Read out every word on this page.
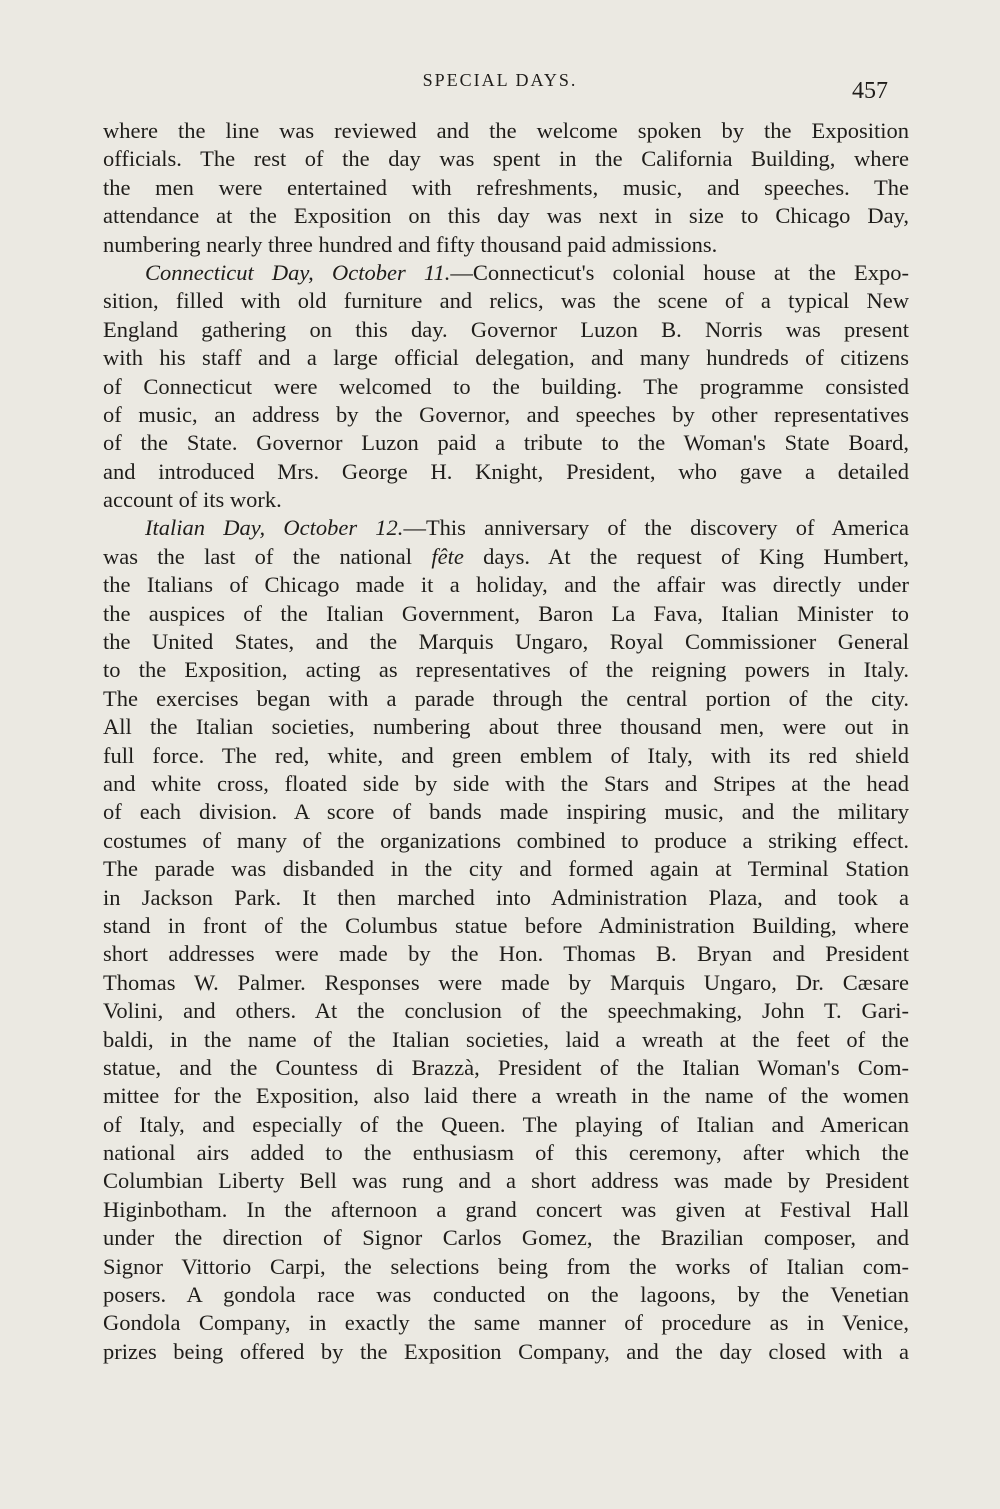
SPECIAL DAYS.	457
where the line was reviewed and the welcome spoken by the Exposition
officials. The rest of the day was spent in the California Building, where
the men were entertained with refreshments, music, and speeches. The
attendance at the Exposition on this day was next in size to Chicago Day,
numbering nearly three hundred and fifty thousand paid admissions.
Connecticut Day, October 11.—Connecticut's colonial house at the Expo-
sition, filled with old furniture and relics, was the scene of a typical New
England gathering on this day. Governor Luzon B. Norris was present
with his staff and a large official delegation, and many hundreds of citizens
of Connecticut were welcomed to the building. The programme consisted
of music, an address by the Governor, and speeches by other representatives
of the State. Governor Luzon paid a tribute to the Woman's State Board,
and introduced Mrs. George H. Knight, President, who gave a detailed
account of its work.
Italian Day, October 12.—This anniversary of the discovery of America
was the last of the national fête days. At the request of King Humbert,
the Italians of Chicago made it a holiday, and the affair was directly under
the auspices of the Italian Government, Baron La Fava, Italian Minister to
the United States, and the Marquis Ungaro, Royal Commissioner General
to the Exposition, acting as representatives of the reigning powers in Italy.
The exercises began with a parade through the central portion of the city.
All the Italian societies, numbering about three thousand men, were out in
full force. The red, white, and green emblem of Italy, with its red shield
and white cross, floated side by side with the Stars and Stripes at the head
of each division. A score of bands made inspiring music, and the military
costumes of many of the organizations combined to produce a striking effect.
The parade was disbanded in the city and formed again at Terminal Station
in Jackson Park. It then marched into Administration Plaza, and took a
stand in front of the Columbus statue before Administration Building, where
short addresses were made by the Hon. Thomas B. Bryan and President
Thomas W. Palmer. Responses were made by Marquis Ungaro, Dr. Cæsare
Volini, and others. At the conclusion of the speechmaking, John T. Gari-
baldi, in the name of the Italian societies, laid a wreath at the feet of the
statue, and the Countess di Brazzà, President of the Italian Woman's Com-
mittee for the Exposition, also laid there a wreath in the name of the women
of Italy, and especially of the Queen. The playing of Italian and American
national airs added to the enthusiasm of this ceremony, after which the
Columbian Liberty Bell was rung and a short address was made by President
Higinbotham. In the afternoon a grand concert was given at Festival Hall
under the direction of Signor Carlos Gomez, the Brazilian composer, and
Signor Vittorio Carpi, the selections being from the works of Italian com-
posers. A gondola race was conducted on the lagoons, by the Venetian
Gondola Company, in exactly the same manner of procedure as in Venice,
prizes being offered by the Exposition Company, and the day closed with a
